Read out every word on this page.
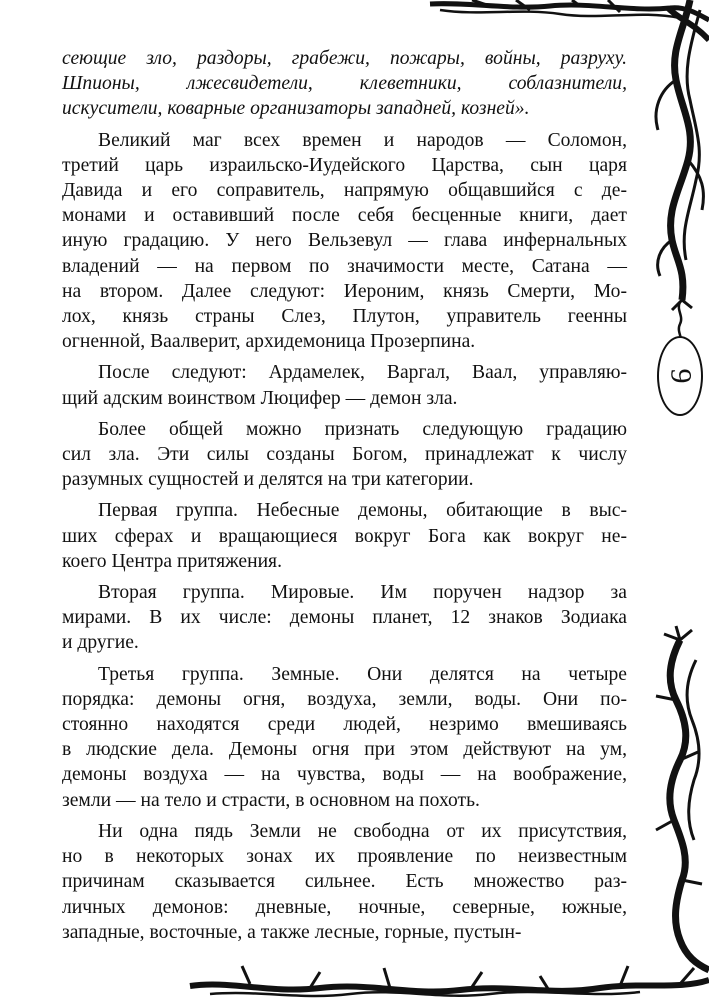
9

сеющие зло, раздоры, грабежи, пожары, войны, разруху.
Шпионы, лжесвидетели, клеветники, соблазнители,
искусители, коварные организаторы западней, козней».

Великий маг всех времен и народов — Соломон,
третий царь израильско-Иудейского Царства, сын царя
Давида и его соправитель, напрямую общавшийся с де-
монами и оставивший после себя бесценные книги, дает
иную градацию. У него Вельзевул — глава инфернальных
владений — на первом по значимости месте, Сатана —
на втором. Далее следуют: Иероним, князь Смерти, Мо-
лох, князь страны Слез, Плутон, управитель геенны
огненной, Ваалверит, архидемоница Прозерпина.

После следуют: Ардамелек, Варгал, Ваал, управляю-
щий адским воинством Люцифер — демон зла.

Более общей можно признать следующую градацию
сил зла. Эти силы созданы Богом, принадлежат к числу
разумных сущностей и делятся на три категории.

Первая группа. Небесные демоны, обитающие в выс-
ших сферах и вращающиеся вокруг Бога как вокруг не-
коего Центра притяжения.

Вторая группа. Мировые. Им поручен надзор за
мирами. В их числе: демоны планет, 12 знаков Зодиака
и другие.

Третья группа. Земные. Они делятся на четыре
порядка: демоны огня, воздуха, земли, воды. Они по-
стоянно находятся среди людей, незримо вмешиваясь
в людские дела. Демоны огня при этом действуют на ум,
демоны воздуха — на чувства, воды — на воображение,
земли — на тело и страсти, в основном на похоть.

Ни одна пядь Земли не свободна от их присутствия,
но в некоторых зонах их проявление по неизвестным
причинам сказывается сильнее. Есть множество раз-
личных демонов: дневные, ночные, северные, южные,
западные, восточные, а также лесные, горные, пустын-
